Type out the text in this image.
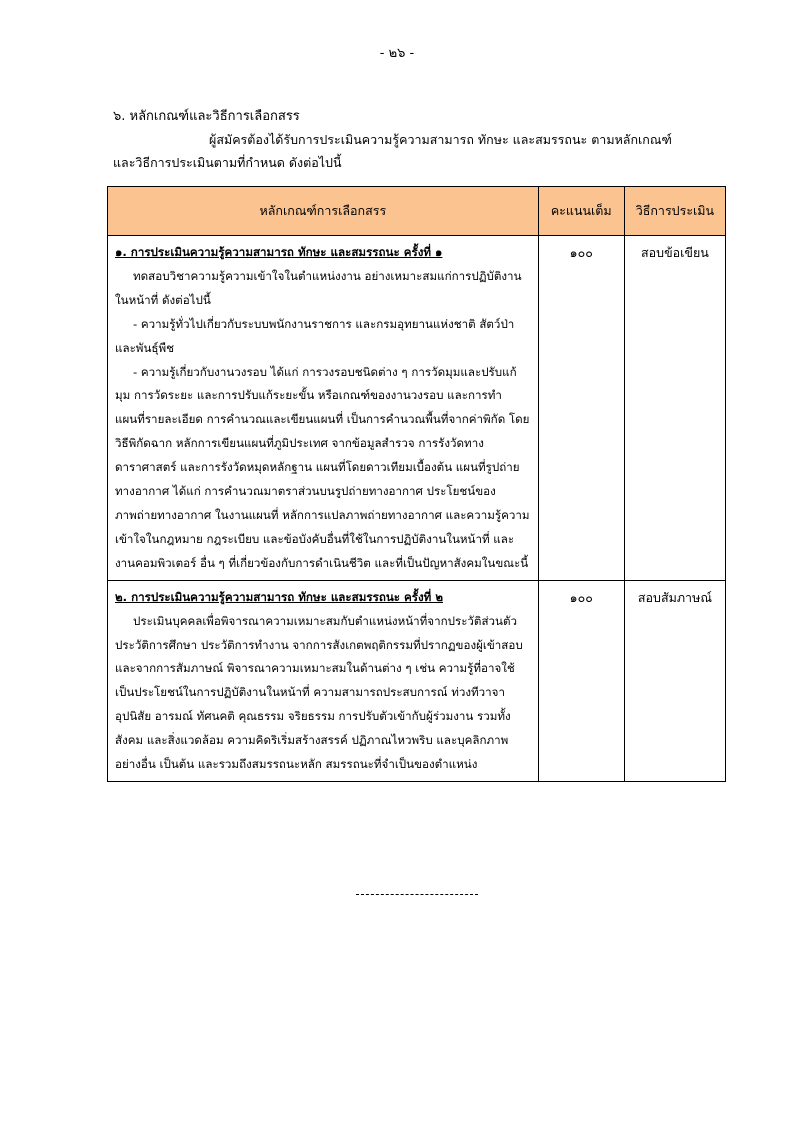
- ๒๖ -
๖. หลักเกณฑ์และวิธีการเลือกสรร
ผู้สมัครต้องได้รับการประเมินความรู้ความสามารถ ทักษะ และสมรรถนะ ตามหลักเกณฑ์
และวิธีการประเมินตามที่กำหนด ดังต่อไปนี้
หลักเกณฑ์การเลือกสรร	คะแนนเต็ม	วิธีการประเมิน

๑. การประเมินความรู้ความสามารถ ทักษะ และสมรรถนะ ครั้งที่ ๑

ทดสอบวิชาความรู้ความเข้าใจในตำแหน่งงาน อย่างเหมาะสมแก่การปฏิบัติงานในหน้าที่ ดังต่อไปนี้

- ความรู้ทั่วไปเกี่ยวกับระบบพนักงานราชการ และกรมอุทยานแห่งชาติ สัตว์ป่า และพันธุ์พืช

- ความรู้เกี่ยวกับงานวงรอบ ได้แก่ การวงรอบชนิดต่าง ๆ การวัดมุมและปรับแก้มุม การวัดระยะ และการปรับแก้ระยะขั้น หรือเกณฑ์ของงานวงรอบ และการทำแผนที่รายละเอียด การคำนวณและเขียนแผนที่ เป็นการคำนวณพื้นที่จากค่าพิกัด โดยวิธีพิกัดฉาก หลักการเขียนแผนที่ภูมิประเทศ จากข้อมูลสำรวจ การรังวัดทางดาราศาสตร์ และการรังวัดหมุดหลักฐาน แผนที่โดยดาวเทียมเบื้องต้น แผนที่รูปถ่ายทางอากาศ ได้แก่ การคำนวณมาตราส่วนบนรูปถ่ายทางอากาศ ประโยชน์ของภาพถ่ายทางอากาศ ในงานแผนที่ หลักการแปลภาพถ่ายทางอากาศ และความรู้ความเข้าใจในกฎหมาย กฎระเบียบ และข้อบังคับอื่นที่ใช้ในการปฏิบัติงานในหน้าที่ และงานคอมพิวเตอร์ อื่น ๆ ที่เกี่ยวข้องกับการดำเนินชีวิต และที่เป็นปัญหาสังคมในขณะนี้	๑๐๐	สอบข้อเขียน

๒. การประเมินความรู้ความสามารถ ทักษะ และสมรรถนะ ครั้งที่ ๒

ประเมินบุคคลเพื่อพิจารณาความเหมาะสมกับตำแหน่งหน้าที่จากประวัติส่วนตัว ประวัติการศึกษา ประวัติการทำงาน จากการสังเกตพฤติกรรมที่ปรากฏของผู้เข้าสอบและจากการสัมภาษณ์ พิจารณาความเหมาะสมในด้านต่าง ๆ เช่น ความรู้ที่อาจใช้เป็นประโยชน์ในการปฏิบัติงานในหน้าที่ ความสามารถประสบการณ์ ท่วงทีวาจา อุปนิสัย อารมณ์ ทัศนคติ คุณธรรม จริยธรรม การปรับตัวเข้ากับผู้ร่วมงาน รวมทั้งสังคม และสิ่งแวดล้อม ความคิดริเริ่มสร้างสรรค์ ปฏิภาณไหวพริบ และบุคลิกภาพอย่างอื่น เป็นต้น และรวมถึงสมรรถนะหลัก สมรรถนะที่จำเป็นของตำแหน่ง	๑๐๐	สอบสัมภาษณ์
